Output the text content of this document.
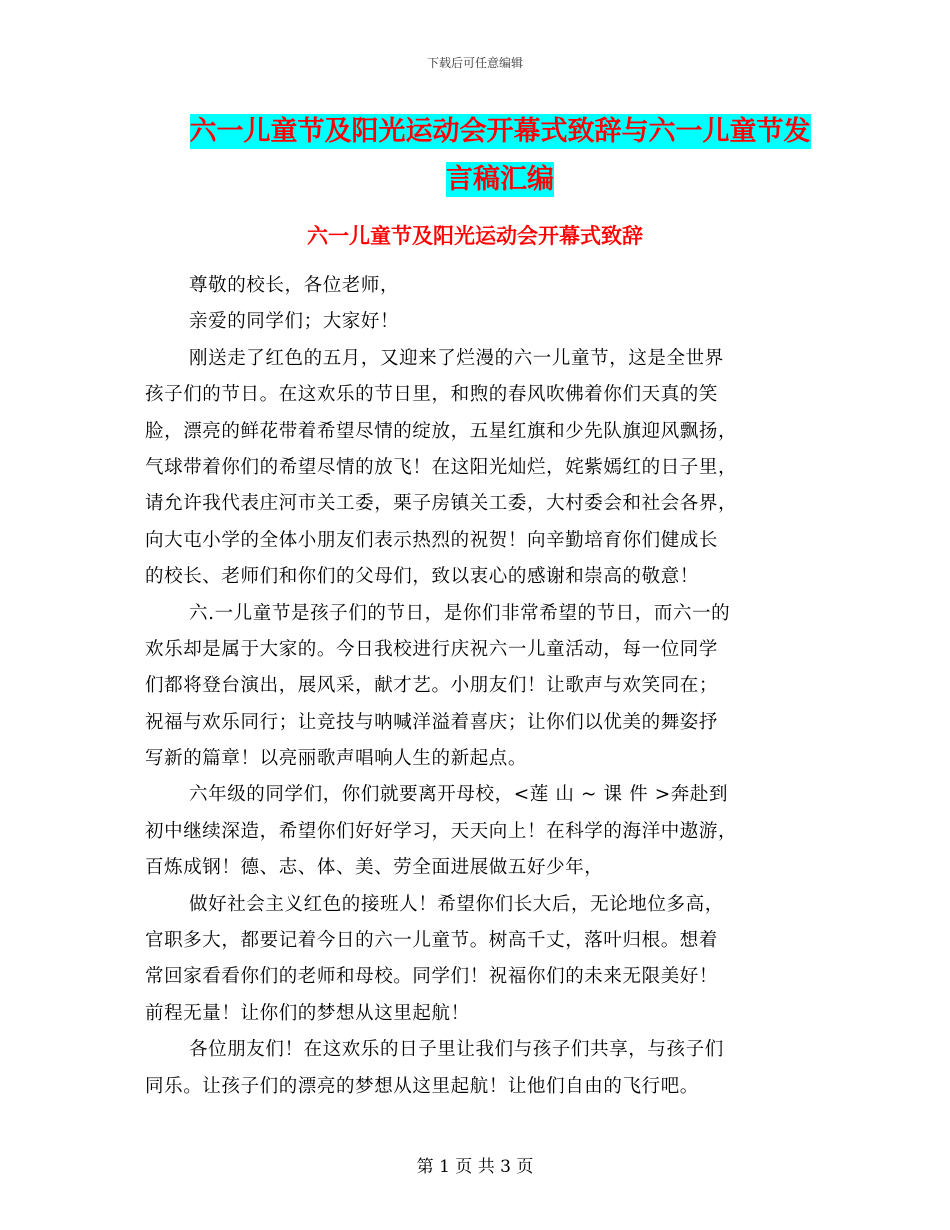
下载后可任意编辑
六一儿童节及阳光运动会开幕式致辞与六一儿童节发
言稿汇编
六一儿童节及阳光运动会开幕式致辞
尊敬的校长，各位老师，
亲爱的同学们；大家好！
刚送走了红色的五月，又迎来了烂漫的六一儿童节，这是全世界
孩子们的节日。在这欢乐的节日里，和煦的春风吹佛着你们天真的笑
脸，漂亮的鲜花带着希望尽情的绽放，五星红旗和少先队旗迎风飘扬，
气球带着你们的希望尽情的放飞！在这阳光灿烂，姹紫嫣红的日子里，
请允许我代表庄河市关工委，栗子房镇关工委，大村委会和社会各界，
向大屯小学的全体小朋友们表示热烈的祝贺！向辛勤培育你们健成长
的校长、老师们和你们的父母们，致以衷心的感谢和崇高的敬意！
六.一儿童节是孩子们的节日，是你们非常希望的节日，而六一的
欢乐却是属于大家的。今日我校进行庆祝六一儿童活动，每一位同学
们都将登台演出，展风采，献才艺。小朋友们！让歌声与欢笑同在；
祝福与欢乐同行；让竞技与呐喊洋溢着喜庆；让你们以优美的舞姿抒
写新的篇章！以亮丽歌声唱响人生的新起点。
六年级的同学们，你们就要离开母校，<莲 山 ~ 课 件 >奔赴到
初中继续深造，希望你们好好学习，天天向上！在科学的海洋中遨游，
百炼成钢！德、志、体、美、劳全面进展做五好少年，
做好社会主义红色的接班人！希望你们长大后，无论地位多高，
官职多大，都要记着今日的六一儿童节。树高千丈，落叶归根。想着
常回家看看你们的老师和母校。同学们！祝福你们的未来无限美好！
前程无量！让你们的梦想从这里起航！
各位朋友们！在这欢乐的日子里让我们与孩子们共享，与孩子们
同乐。让孩子们的漂亮的梦想从这里起航！让他们自由的飞行吧。
第 1 页 共 3 页
